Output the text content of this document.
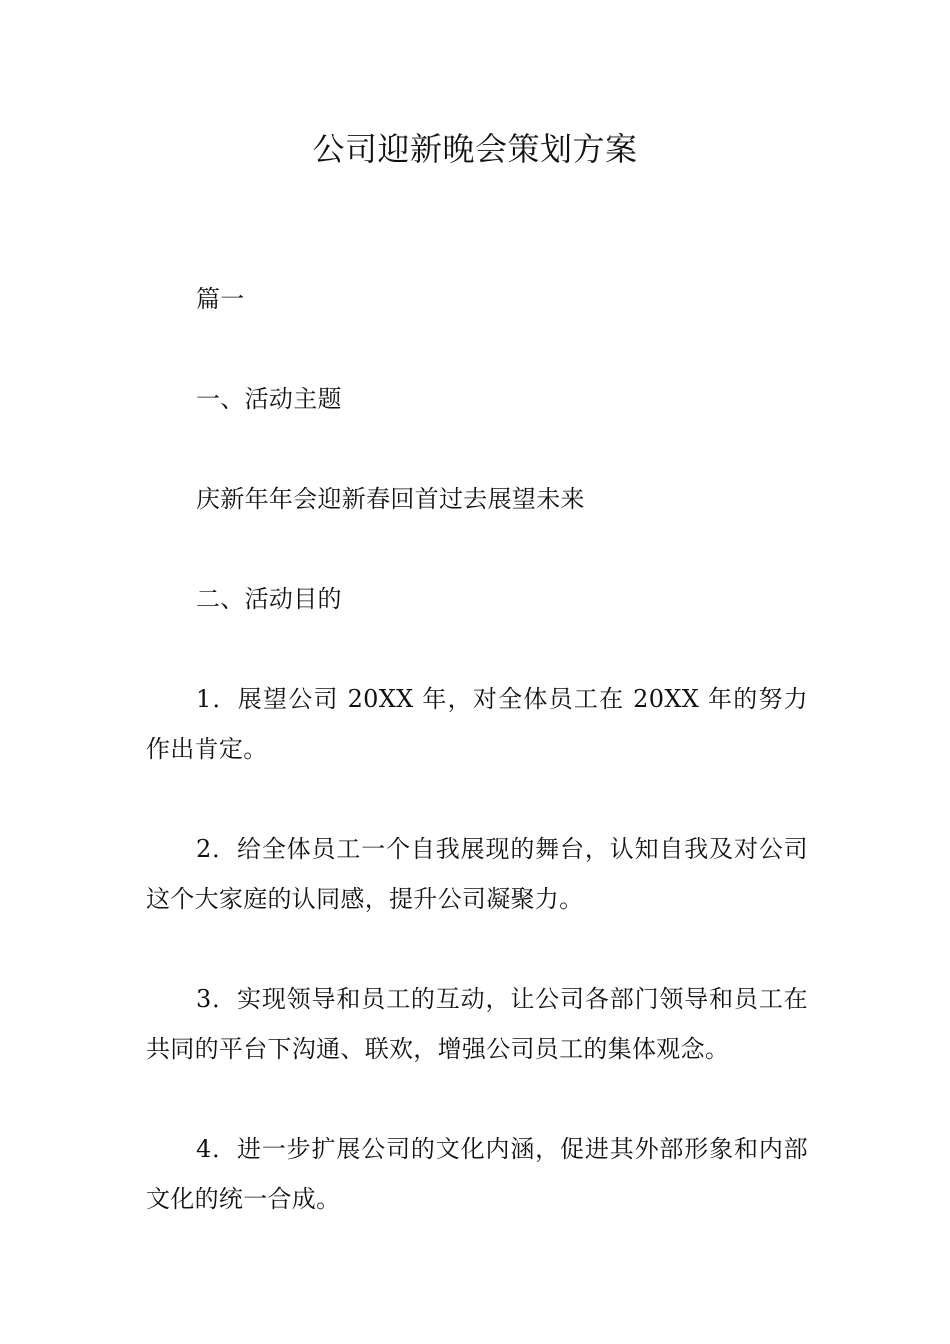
公司迎新晚会策划方案

篇一

一、活动主题

庆新年年会迎新春回首过去展望未来

二、活动目的

1．展望公司 20XX 年，对全体员工在 20XX 年的努力作出肯定。

2．给全体员工一个自我展现的舞台，认知自我及对公司这个大家庭的认同感，提升公司凝聚力。

3．实现领导和员工的互动，让公司各部门领导和员工在共同的平台下沟通、联欢，增强公司员工的集体观念。

4．进一步扩展公司的文化内涵，促进其外部形象和内部文化的统一合成。
